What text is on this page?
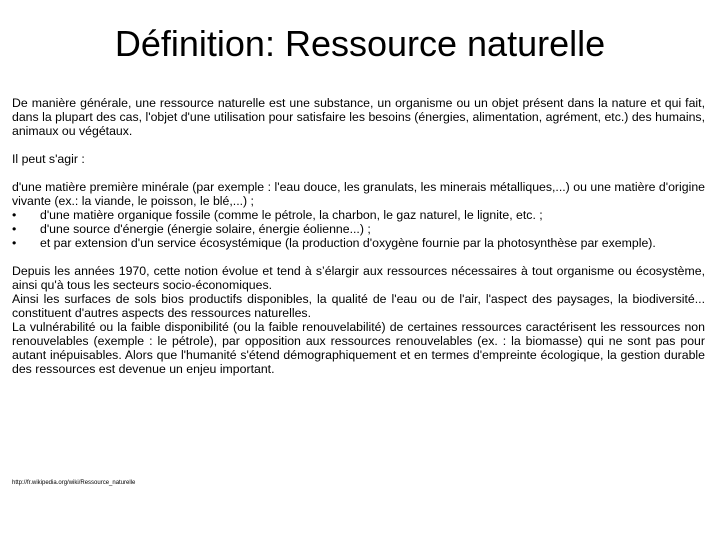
Définition: Ressource naturelle

De manière générale, une ressource naturelle est une substance, un organisme ou un objet présent dans la nature et qui fait, dans la plupart des cas, l'objet d'une utilisation pour satisfaire les besoins (énergies, alimentation, agrément, etc.) des humains, animaux ou végétaux.

Il peut s'agir :

d'une matière première minérale (par exemple : l'eau douce, les granulats, les minerais métalliques,...) ou une matière d'origine vivante (ex.: la viande, le poisson, le blé,...) ;

•	d'une matière organique fossile (comme le pétrole, la charbon, le gaz naturel, le lignite, etc. ;
•	d'une source d'énergie (énergie solaire, énergie éolienne...) ;
•	et par extension d'un service écosystémique (la production d'oxygène fournie par la photosynthèse par exemple).

Depuis les années 1970, cette notion évolue et tend à s’élargir aux ressources nécessaires à tout organisme ou écosystème, ainsi qu'à tous les secteurs socio-économiques.

Ainsi les surfaces de sols bios productifs disponibles, la qualité de l'eau ou de l'air, l'aspect des paysages, la biodiversité... constituent d'autres aspects des ressources naturelles.

La vulnérabilité ou la faible disponibilité (ou la faible renouvelabilité) de certaines ressources caractérisent les ressources non renouvelables (exemple : le pétrole), par opposition aux ressources renouvelables (ex. : la biomasse) qui ne sont pas pour autant inépuisables. Alors que l'humanité s'étend démographiquement et en termes d'empreinte écologique, la gestion durable des ressources est devenue un enjeu important.

http://fr.wikipedia.org/wiki/Ressource_naturelle
